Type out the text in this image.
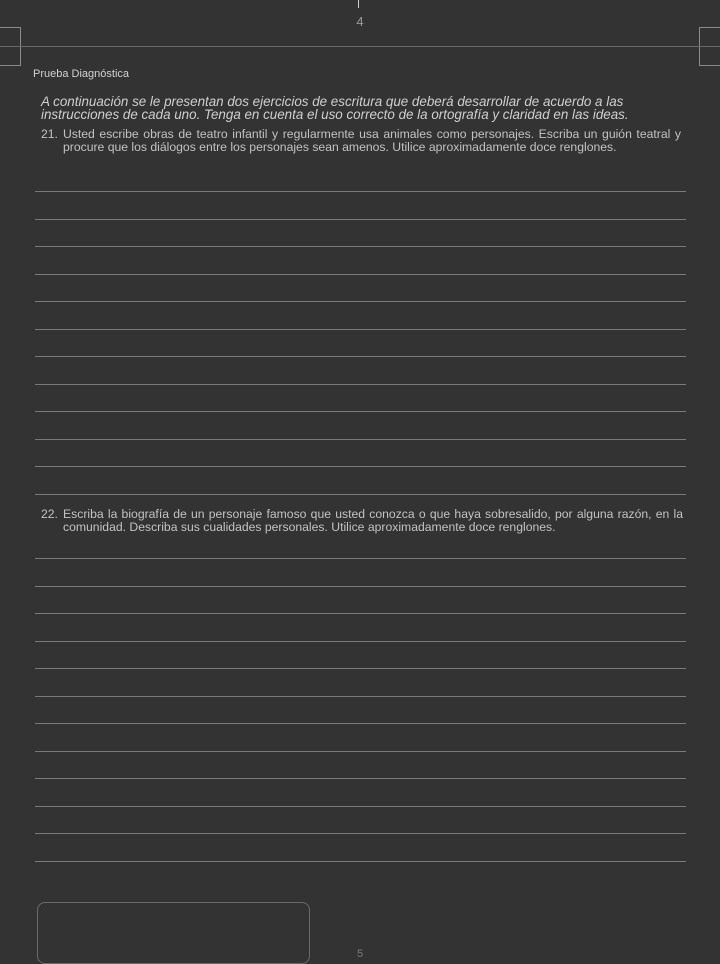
4
Prueba Diagnóstica
A continuación se le presentan dos ejercicios de escritura que deberá desarrollar de acuerdo a las instrucciones de cada uno. Tenga en cuenta el uso correcto de la ortografía y claridad en las ideas.
21. Usted escribe obras de teatro infantil y regularmente usa animales como personajes. Escriba un guión teatral y procure que los diálogos entre los personajes sean amenos. Utilice aproximadamente doce renglones.
22. Escriba la biografía de un personaje famoso que usted conozca o que haya sobresalido, por alguna razón, en la comunidad. Describa sus cualidades personales. Utilice aproximadamente doce renglones.
5
